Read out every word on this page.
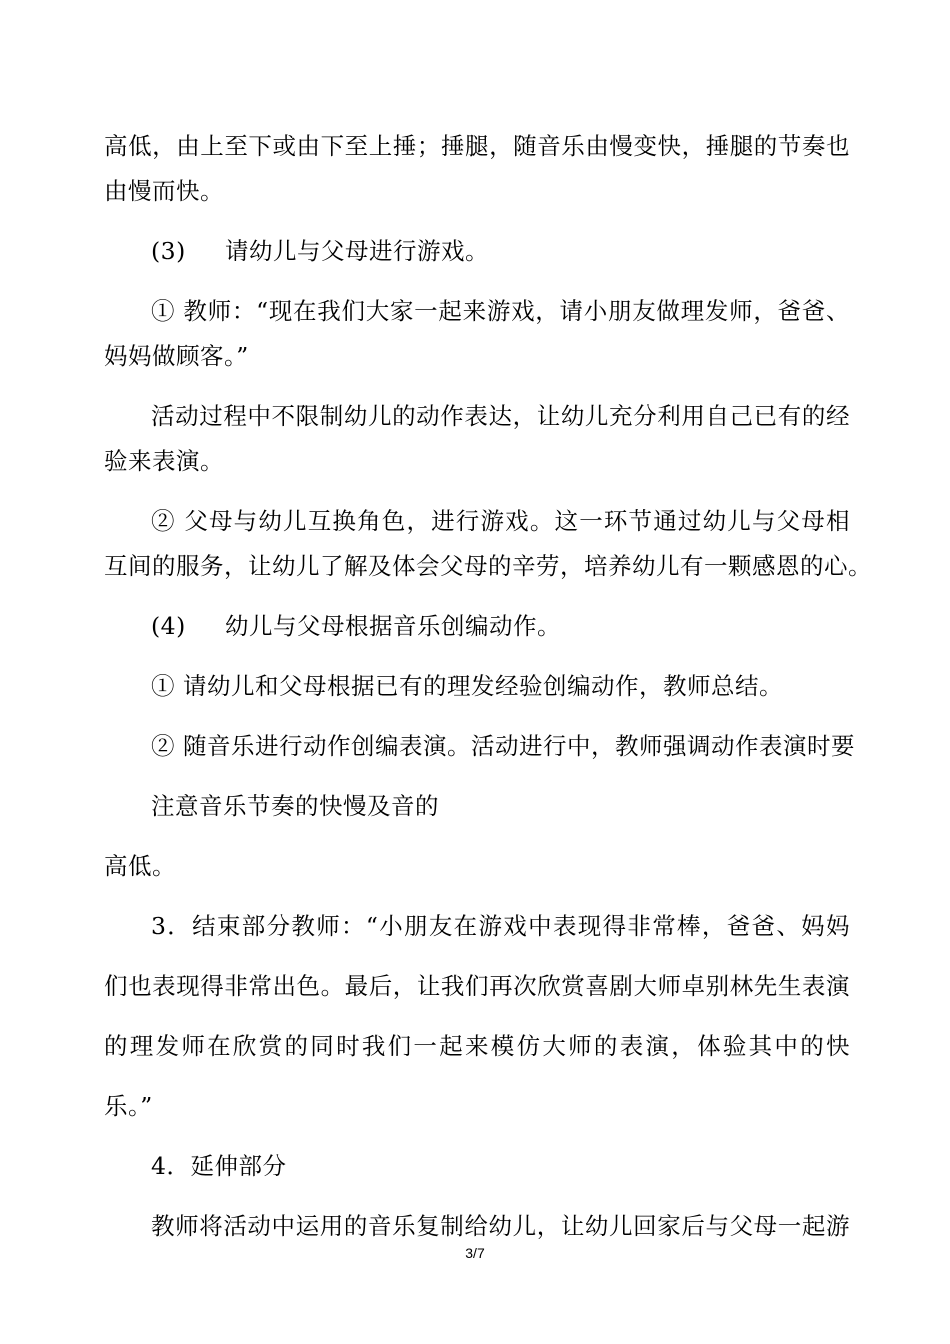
高低，由上至下或由下至上捶；捶腿，随音乐由慢变快，捶腿的节奏也
由慢而快。
(3) 请幼儿与父母进行游戏。
① 教师：“现在我们大家一起来游戏，请小朋友做理发师，爸爸、
妈妈做顾客。”
活动过程中不限制幼儿的动作表达，让幼儿充分利用自己已有的经
验来表演。
② 父母与幼儿互换角色，进行游戏。这一环节通过幼儿与父母相
互间的服务，让幼儿了解及体会父母的辛劳，培养幼儿有一颗感恩的心。
(4) 幼儿与父母根据音乐创编动作。
① 请幼儿和父母根据已有的理发经验创编动作，教师总结。
② 随音乐进行动作创编表演。活动进行中，教师强调动作表演时要
注意音乐节奏的快慢及音的
高低。
3．结束部分教师：“小朋友在游戏中表现得非常棒，爸爸、妈妈
们也表现得非常出色。最后，让我们再次欣赏喜剧大师卓别林先生表演
的理发师在欣赏的同时我们一起来模仿大师的表演，体验其中的快
乐。”
4．延伸部分
教师将活动中运用的音乐复制给幼儿，让幼儿回家后与父母一起游
3/7
